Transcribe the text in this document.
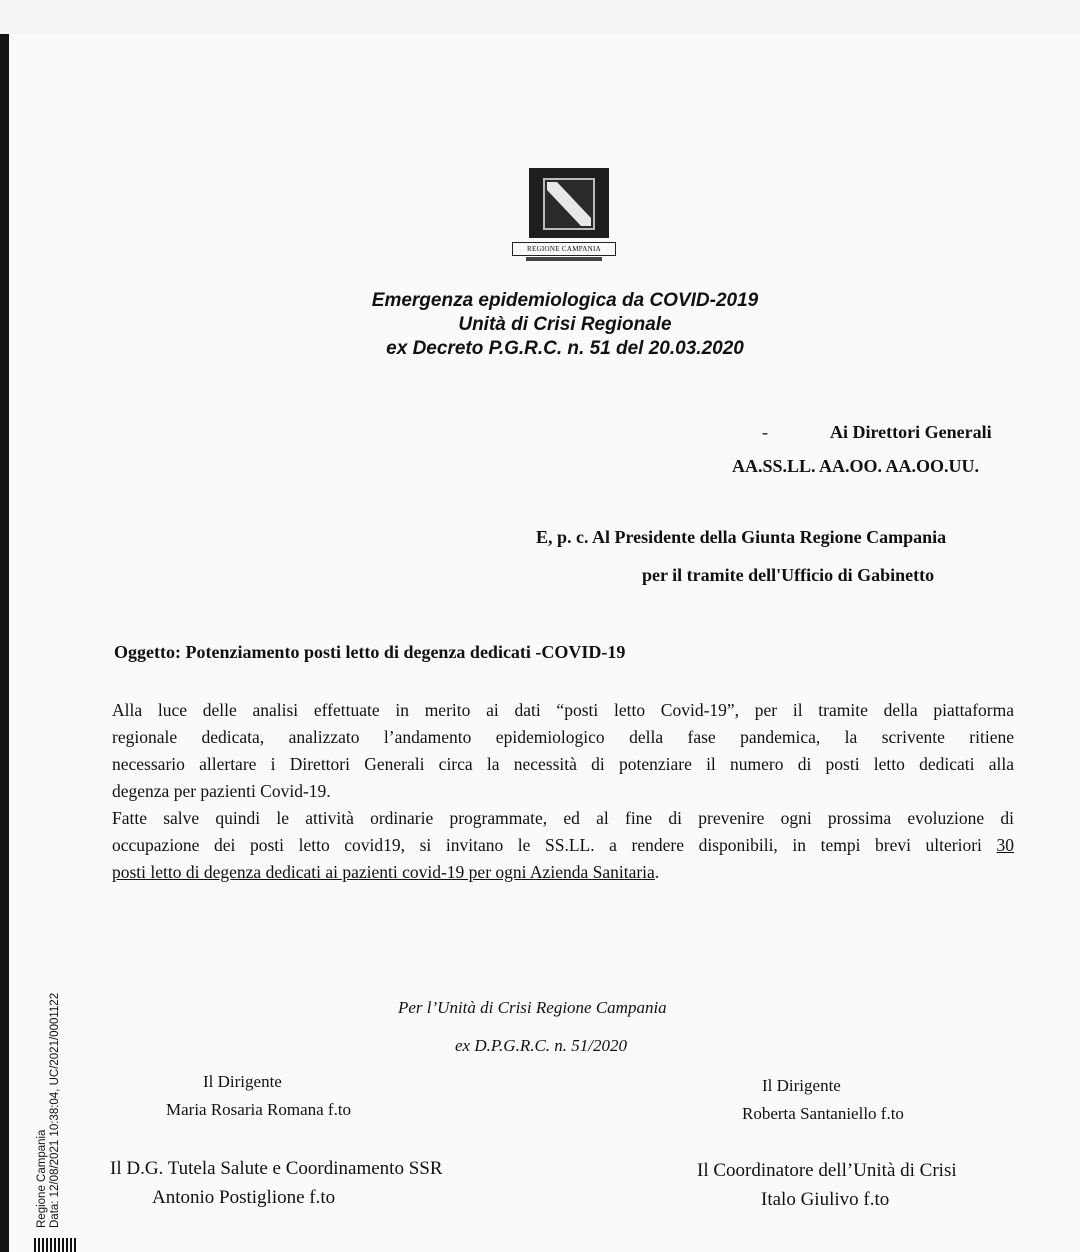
REGIONE CAMPANIA
Emergenza epidemiologica da COVID-2019
Unità di Crisi Regionale
ex Decreto P.G.R.C. n. 51 del 20.03.2020
-	Ai Direttori Generali
AA.SS.LL. AA.OO. AA.OO.UU.
E, p. c. Al Presidente della Giunta Regione Campania
per il tramite dell'Ufficio di Gabinetto
Oggetto: Potenziamento posti letto di degenza dedicati -COVID-19
Alla luce delle analisi effettuate in merito ai dati “posti letto Covid-19”, per il tramite della piattaforma
regionale dedicata, analizzato l’andamento epidemiologico della fase pandemica, la scrivente ritiene
necessario allertare i Direttori Generali circa la necessità di potenziare il numero di posti letto dedicati alla
degenza per pazienti Covid-19.
Fatte salve quindi le attività ordinarie programmate, ed al fine di prevenire ogni prossima evoluzione di
occupazione dei posti letto covid19, si invitano le SS.LL. a rendere disponibili, in tempi brevi ulteriori 30
posti letto di degenza dedicati ai pazienti covid-19 per ogni Azienda Sanitaria.
Per l’Unità di Crisi Regione Campania
ex D.P.G.R.C. n. 51/2020
Il Dirigente
Maria Rosaria Romana f.to
Il Dirigente
Roberta Santaniello f.to
Il D.G. Tutela Salute e Coordinamento SSR
Antonio Postiglione f.to
Il Coordinatore dell’Unità di Crisi
Italo Giulivo f.to
Regione Campania Data: 12/08/2021 10:38:04, UC/2021/0001122
